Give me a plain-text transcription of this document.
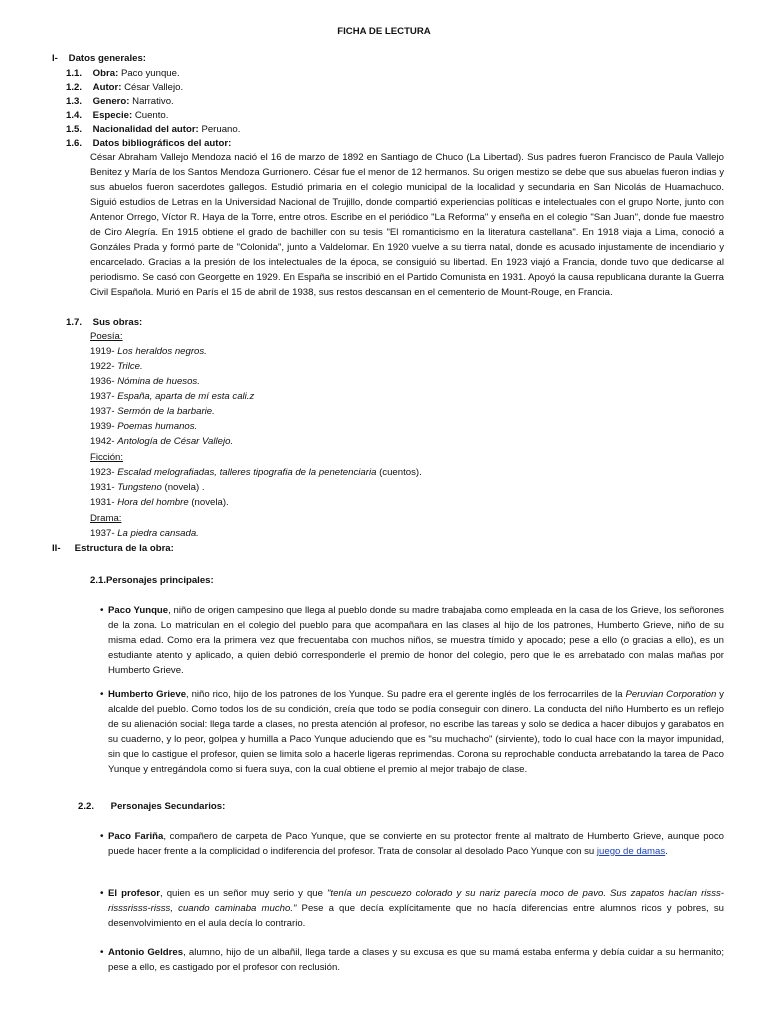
FICHA DE LECTURA
I- Datos generales:
1.1. Obra: Paco yunque.
1.2. Autor: César Vallejo.
1.3. Genero: Narrativo.
1.4. Especie: Cuento.
1.5. Nacionalidad del autor: Peruano.
1.6. Datos bibliográficos del autor:
César Abraham Vallejo Mendoza nació el 16 de marzo de 1892 en Santiago de Chuco (La Libertad). Sus padres fueron Francisco de Paula Vallejo Benitez y María de los Santos Mendoza Gurrionero. César fue el menor de 12 hermanos. Su origen mestizo se debe que sus abuelas fueron indias y sus abuelos fueron sacerdotes gallegos. Estudió primaria en el colegio municipal de la localidad y secundaria en San Nicolás de Huamachuco. Siguió estudios de Letras en la Universidad Nacional de Trujillo, donde compartió experiencias políticas e intelectuales con el grupo Norte, junto con Antenor Orrego, Víctor R. Haya de la Torre, entre otros. Escribe en el periódico "La Reforma" y enseña en el colegio "San Juan", donde fue maestro de Ciro Alegría. En 1915 obtiene el grado de bachiller con su tesis "El romanticismo en la literatura castellana". En 1918 viaja a Lima, conoció a Gonzáles Prada y formó parte de "Colonida", junto a Valdelomar. En 1920 vuelve a su tierra natal, donde es acusado injustamente de incendiario y encarcelado. Gracias a la presión de los intelectuales de la época, se consiguió su libertad. En 1923 viajó a Francia, donde tuvo que dedicarse al periodismo. Se casó con Georgette en 1929. En España se inscribió en el Partido Comunista en 1931. Apoyó la causa republicana durante la Guerra Civil Española. Murió en París el 15 de abril de 1938, sus restos descansan en el cementerio de Mount-Rouge, en Francia.
1.7. Sus obras:
Poesía:
1919- Los heraldos negros.
1922- Trilce.
1936- Nómina de huesos.
1937- España, aparta de mí esta cali.z
1937- Sermón de la barbarie.
1939- Poemas humanos.
1942- Antología de César Vallejo.
Ficción:
1923- Escalad melografiadas, talleres tipografia de la penetenciaria (cuentos).
1931- Tungsteno (novela) .
1931- Hora del hombre (novela).
Drama:
1937- La piedra cansada.
II- Estructura de la obra:
2.1.Personajes principales:
• Paco Yunque, niño de origen campesino que llega al pueblo donde su madre trabajaba como empleada en la casa de los Grieve, los señorones de la zona. Lo matriculan en el colegio del pueblo para que acompañara en las clases al hijo de los patrones, Humberto Grieve, niño de su misma edad. Como era la primera vez que frecuentaba con muchos niños, se muestra tímido y apocado; pese a ello (o gracias a ello), es un estudiante atento y aplicado, a quien debió corresponderle el premio de honor del colegio, pero que le es arrebatado con malas mañas por Humberto Grieve.
• Humberto Grieve, niño rico, hijo de los patrones de los Yunque. Su padre era el gerente inglés de los ferrocarriles de la Peruvian Corporation y alcalde del pueblo. Como todos los de su condición, creía que todo se podía conseguir con dinero. La conducta del niño Humberto es un reflejo de su alienación social: llega tarde a clases, no presta atención al profesor, no escribe las tareas y solo se dedica a hacer dibujos y garabatos en su cuaderno, y lo peor, golpea y humilla a Paco Yunque aduciendo que es "su muchacho" (sirviente), todo lo cual hace con la mayor impunidad, sin que lo castigue el profesor, quien se limita solo a hacerle ligeras reprimendas. Corona su reprochable conducta arrebatando la tarea de Paco Yunque y entregándola como si fuera suya, con la cual obtiene el premio al mejor trabajo de clase.
2.2. Personajes Secundarios:
• Paco Fariña, compañero de carpeta de Paco Yunque, que se convierte en su protector frente al maltrato de Humberto Grieve, aunque poco puede hacer frente a la complicidad o indiferencia del profesor. Trata de consolar al desolado Paco Yunque con su juego de damas.
• El profesor, quien es un señor muy serio y que "tenía un pescuezo colorado y su nariz parecía moco de pavo. Sus zapatos hacían risss-risssrisss-risss, cuando caminaba mucho." Pese a que decía explícitamente que no hacía diferencias entre alumnos ricos y pobres, su desenvolvimiento en el aula decía lo contrario.
• Antonio Geldres, alumno, hijo de un albañil, llega tarde a clases y su excusa es que su mamá estaba enferma y debía cuidar a su hermanito; pese a ello, es castigado por el profesor con reclusión.
